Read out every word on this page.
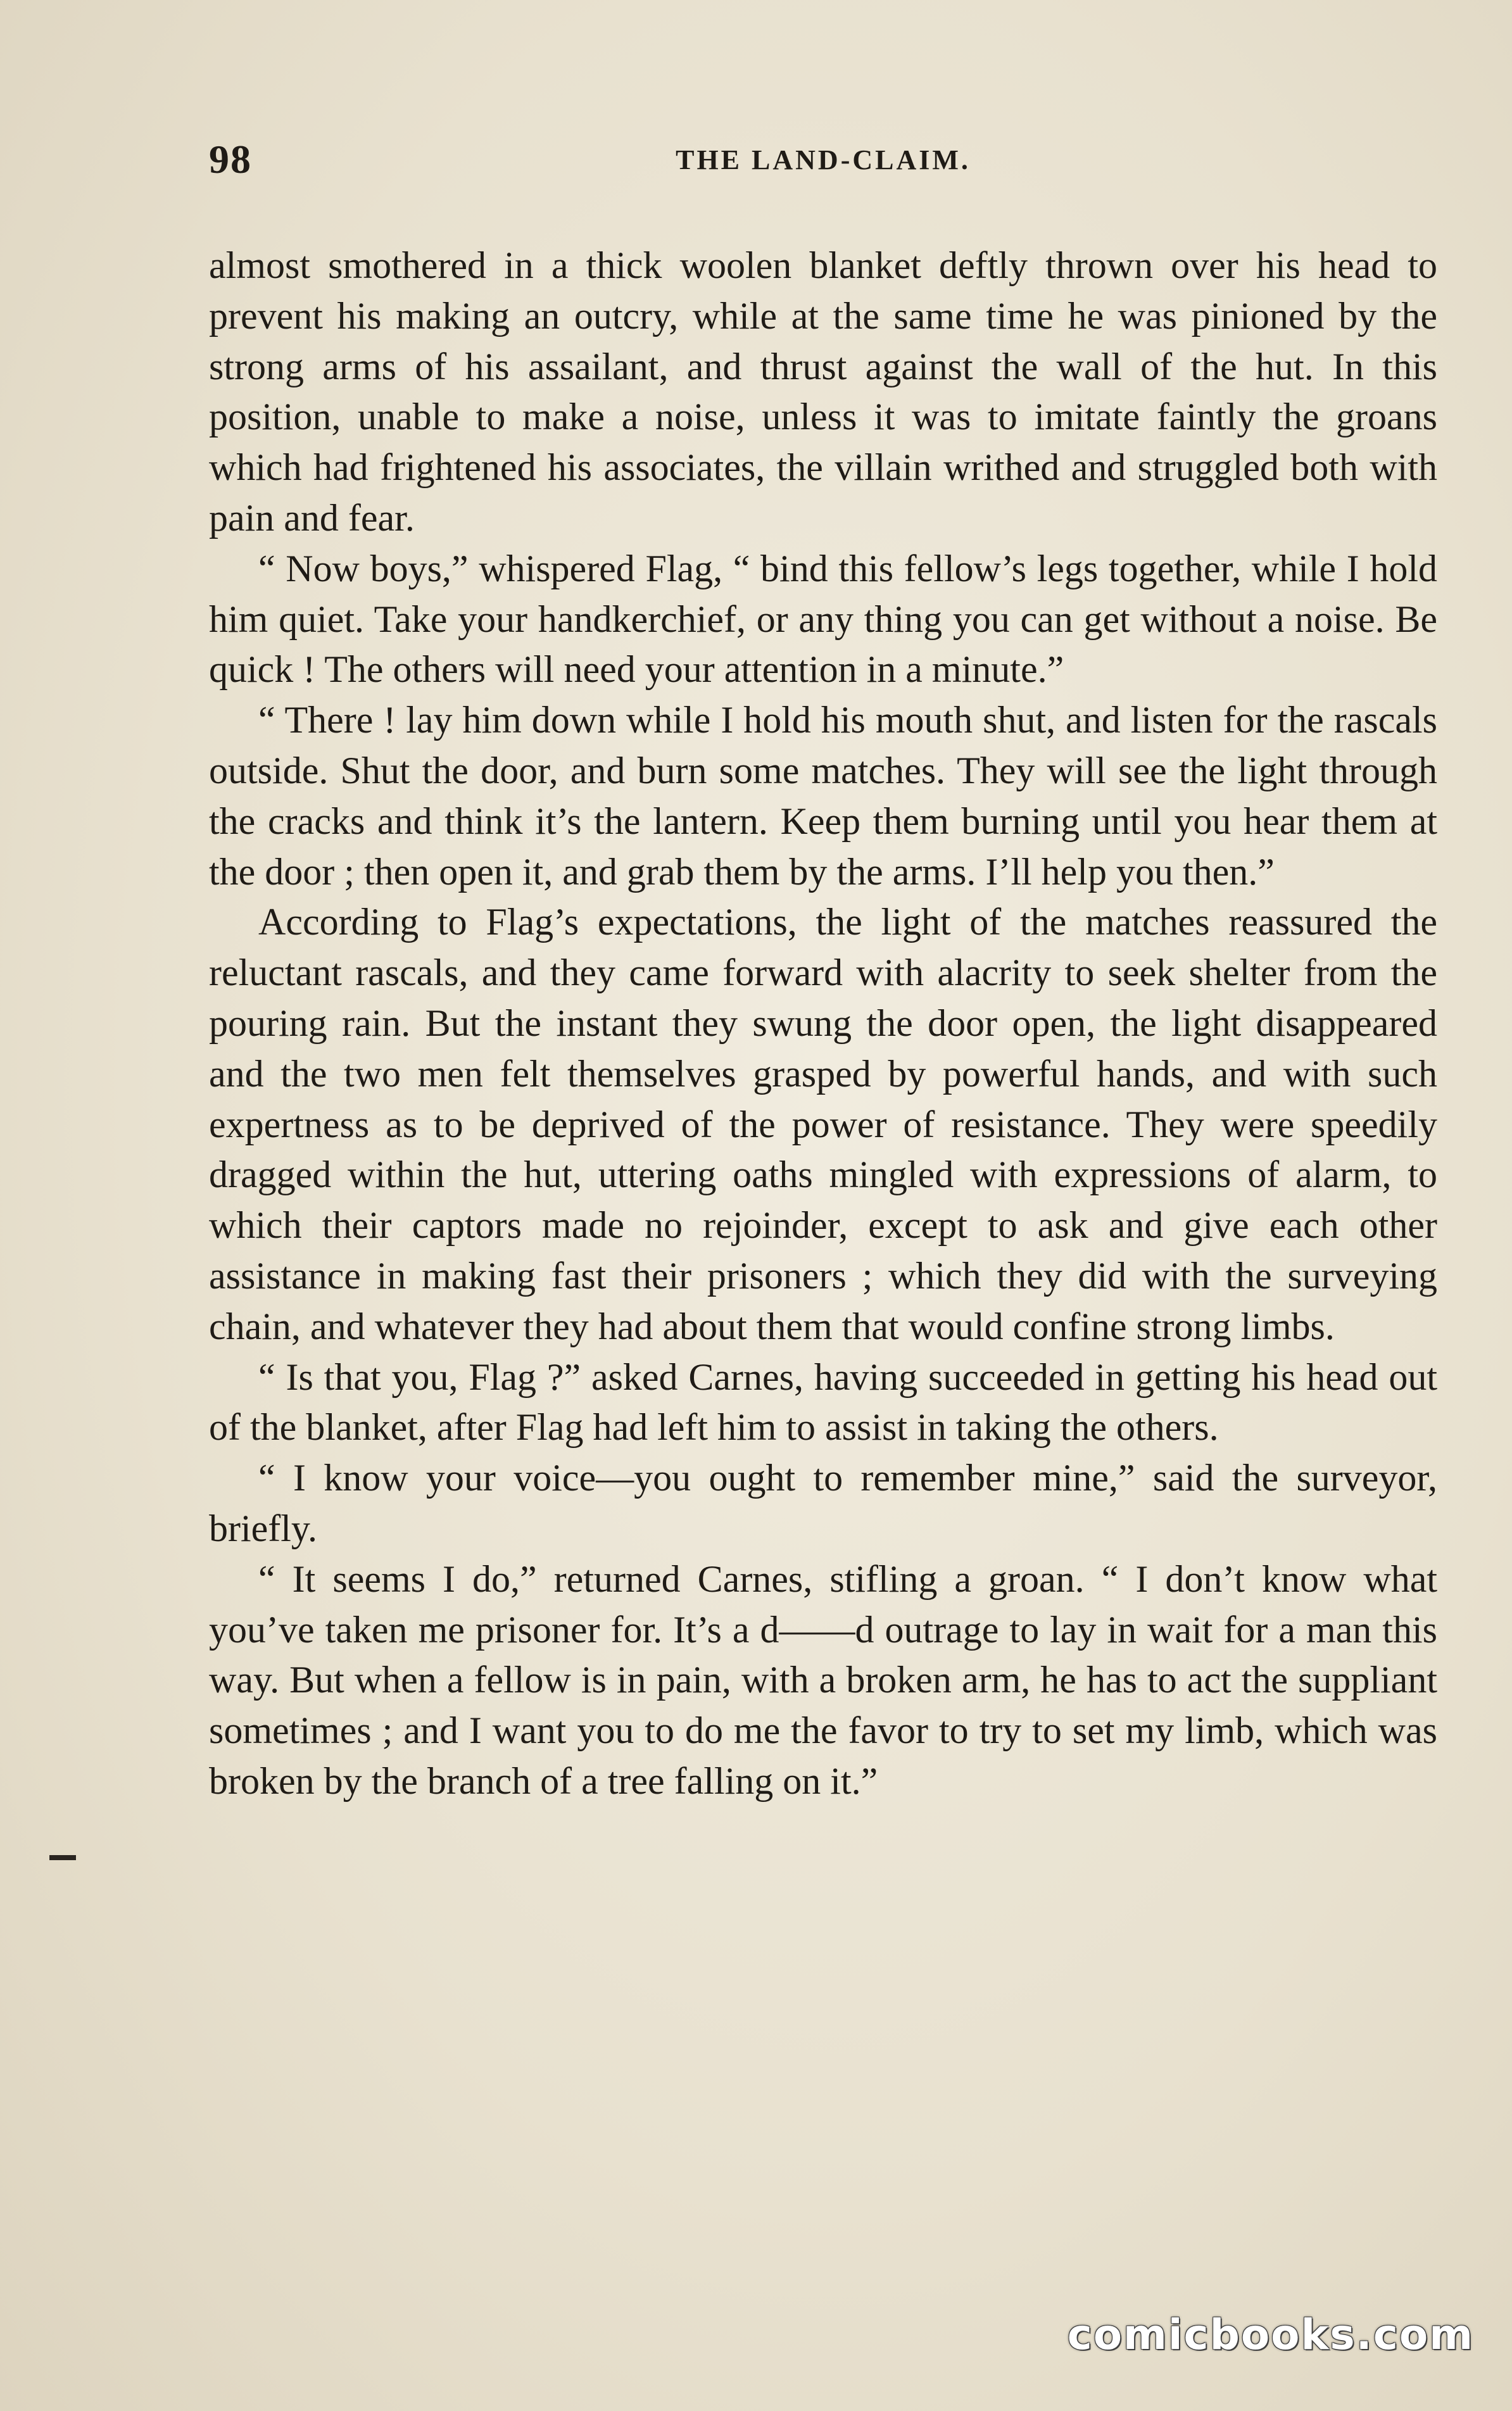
98	THE LAND-CLAIM.

almost smothered in a thick woolen blanket deftly thrown over his head to prevent his making an outcry, while at the same time he was pinioned by the strong arms of his assailant, and thrust against the wall of the hut. In this position, unable to make a noise, unless it was to imitate faintly the groans which had frightened his associates, the villain writhed and struggled both with pain and fear.

“ Now boys,” whispered Flag, “ bind this fellow’s legs together, while I hold him quiet. Take your handkerchief, or any thing you can get without a noise. Be quick ! The others will need your attention in a minute.”

“ There ! lay him down while I hold his mouth shut, and listen for the rascals outside. Shut the door, and burn some matches. They will see the light through the cracks and think it’s the lantern. Keep them burning until you hear them at the door ; then open it, and grab them by the arms. I’ll help you then.”

According to Flag’s expectations, the light of the matches reassured the reluctant rascals, and they came forward with alacrity to seek shelter from the pouring rain. But the instant they swung the door open, the light disappeared and the two men felt themselves grasped by powerful hands, and with such expertness as to be deprived of the power of resistance. They were speedily dragged within the hut, uttering oaths mingled with expressions of alarm, to which their captors made no rejoinder, except to ask and give each other assistance in making fast their prisoners ; which they did with the surveying chain, and whatever they had about them that would confine strong limbs.

“ Is that you, Flag ?” asked Carnes, having succeeded in getting his head out of the blanket, after Flag had left him to assist in taking the others.

“ I know your voice—you ought to remember mine,” said the surveyor, briefly.

“ It seems I do,” returned Carnes, stifling a groan. “ I don’t know what you’ve taken me prisoner for. It’s a d——d outrage to lay in wait for a man this way. But when a fellow is in pain, with a broken arm, he has to act the suppliant sometimes ; and I want you to do me the favor to try to set my limb, which was broken by the branch of a tree falling on it.”

comicbooks.com
